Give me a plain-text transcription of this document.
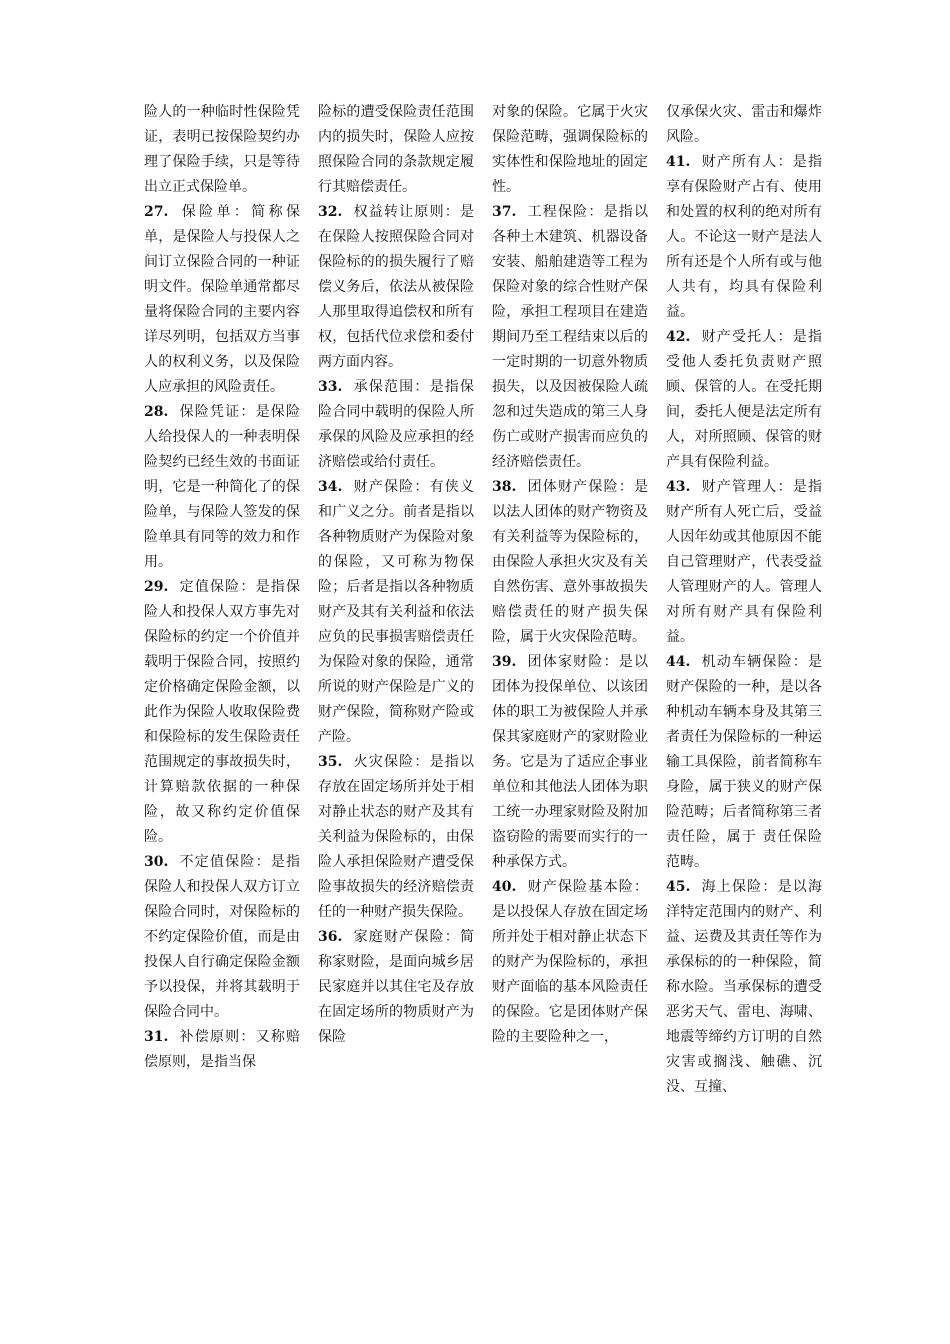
险人的一种临时性保险凭证，表明已按保险契约办理了保险手续，只是等待出立正式保险单。

27. 保险单：简称保单，是保险人与投保人之间订立保险合同的一种证明文件。保险单通常都尽量将保险合同的主要内容详尽列明，包括双方当事人的权利义务，以及保险人应承担的风险责任。

28. 保险凭证：是保险人给投保人的一种表明保险契约已经生效的书面证明，它是一种简化了的保险单，与保险人签发的保险单具有同等的效力和作用。

29. 定值保险：是指保险人和投保人双方事先对保险标的约定一个价值并载明于保险合同，按照约定价格确定保险金额，以此作为保险人收取保险费和保险标的发生保险责任范围规定的事故损失时，计算赔款依据的一种保险，故又称约定价值保险。

30. 不定值保险：是指保险人和投保人双方订立保险合同时，对保险标的不约定保险价值，而是由投保人自行确定保险金额予以投保，并将其载明于保险合同中。

31. 补偿原则：又称赔偿原则，是指当保

险标的遭受保险责任范围内的损失时，保险人应按照保险合同的条款规定履行其赔偿责任。

32. 权益转让原则：是在保险人按照保险合同对保险标的的损失履行了赔偿义务后，依法从被保险人那里取得追偿权和所有权，包括代位求偿和委付两方面内容。

33. 承保范围：是指保险合同中载明的保险人所承保的风险及应承担的经济赔偿或给付责任。

34. 财产保险：有侠义和广义之分。前者是指以各种物质财产为保险对象的保险，又可称为物保险；后者是指以各种物质财产及其有关利益和依法应负的民事损害赔偿责任为保险对象的保险，通常所说的财产保险是广义的财产保险，简称财产险或产险。

35. 火灾保险：是指以存放在固定场所并处于相对静止状态的财产及其有关利益为保险标的，由保险人承担保险财产遭受保险事故损失的经济赔偿责任的一种财产损失保险。

36. 家庭财产保险：简称家财险，是面向城乡居民家庭并以其住宅及存放在固定场所的物质财产为保险

对象的保险。它属于火灾保险范畴，强调保险标的实体性和保险地址的固定性。

37. 工程保险：是指以各种土木建筑、机器设备安装、船舶建造等工程为保险对象的综合性财产保险，承担工程项目在建造期间乃至工程结束以后的一定时期的一切意外物质损失，以及因被保险人疏忽和过失造成的第三人身伤亡或财产损害而应负的经济赔偿责任。

38. 团体财产保险：是以法人团体的财产物资及有关利益等为保险标的，由保险人承担火灾及有关自然伤害、意外事故损失赔偿责任的财产损失保险，属于火灾保险范畴。

39. 团体家财险：是以团体为投保单位、以该团体的职工为被保险人并承保其家庭财产的家财险业务。它是为了适应企事业单位和其他法人团体为职工统一办理家财险及附加盗窃险的需要而实行的一种承保方式。

40. 财产保险基本险：是以投保人存放在固定场所并处于相对静止状态下的财产为保险标的，承担财产面临的基本风险责任的保险。它是团体财产保险的主要险种之一，

仅承保火灾、雷击和爆炸风险。

41. 财产所有人：是指享有保险财产占有、使用和处置的权利的绝对所有人。不论这一财产是法人所有还是个人所有或与他人共有，均具有保险利益。

42. 财产受托人：是指受他人委托负责财产照顾、保管的人。在受托期间，委托人便是法定所有人，对所照顾、保管的财产具有保险利益。

43. 财产管理人：是指财产所有人死亡后，受益人因年幼或其他原因不能自己管理财产，代表受益人管理财产的人。管理人对所有财产具有保险利益。

44. 机动车辆保险：是财产保险的一种，是以各种机动车辆本身及其第三者责任为保险标的一种运输工具保险，前者简称车身险，属于狭义的财产保险范畴；后者简称第三者责任险，属于 责任保险范畴。

45. 海上保险：是以海洋特定范围内的财产、利益、运费及其责任等作为承保标的的一种保险，简称水险。当承保标的遭受恶劣天气、雷电、海啸、地震等缔约方订明的自然灾害或搁浅、触礁、沉没、互撞、
